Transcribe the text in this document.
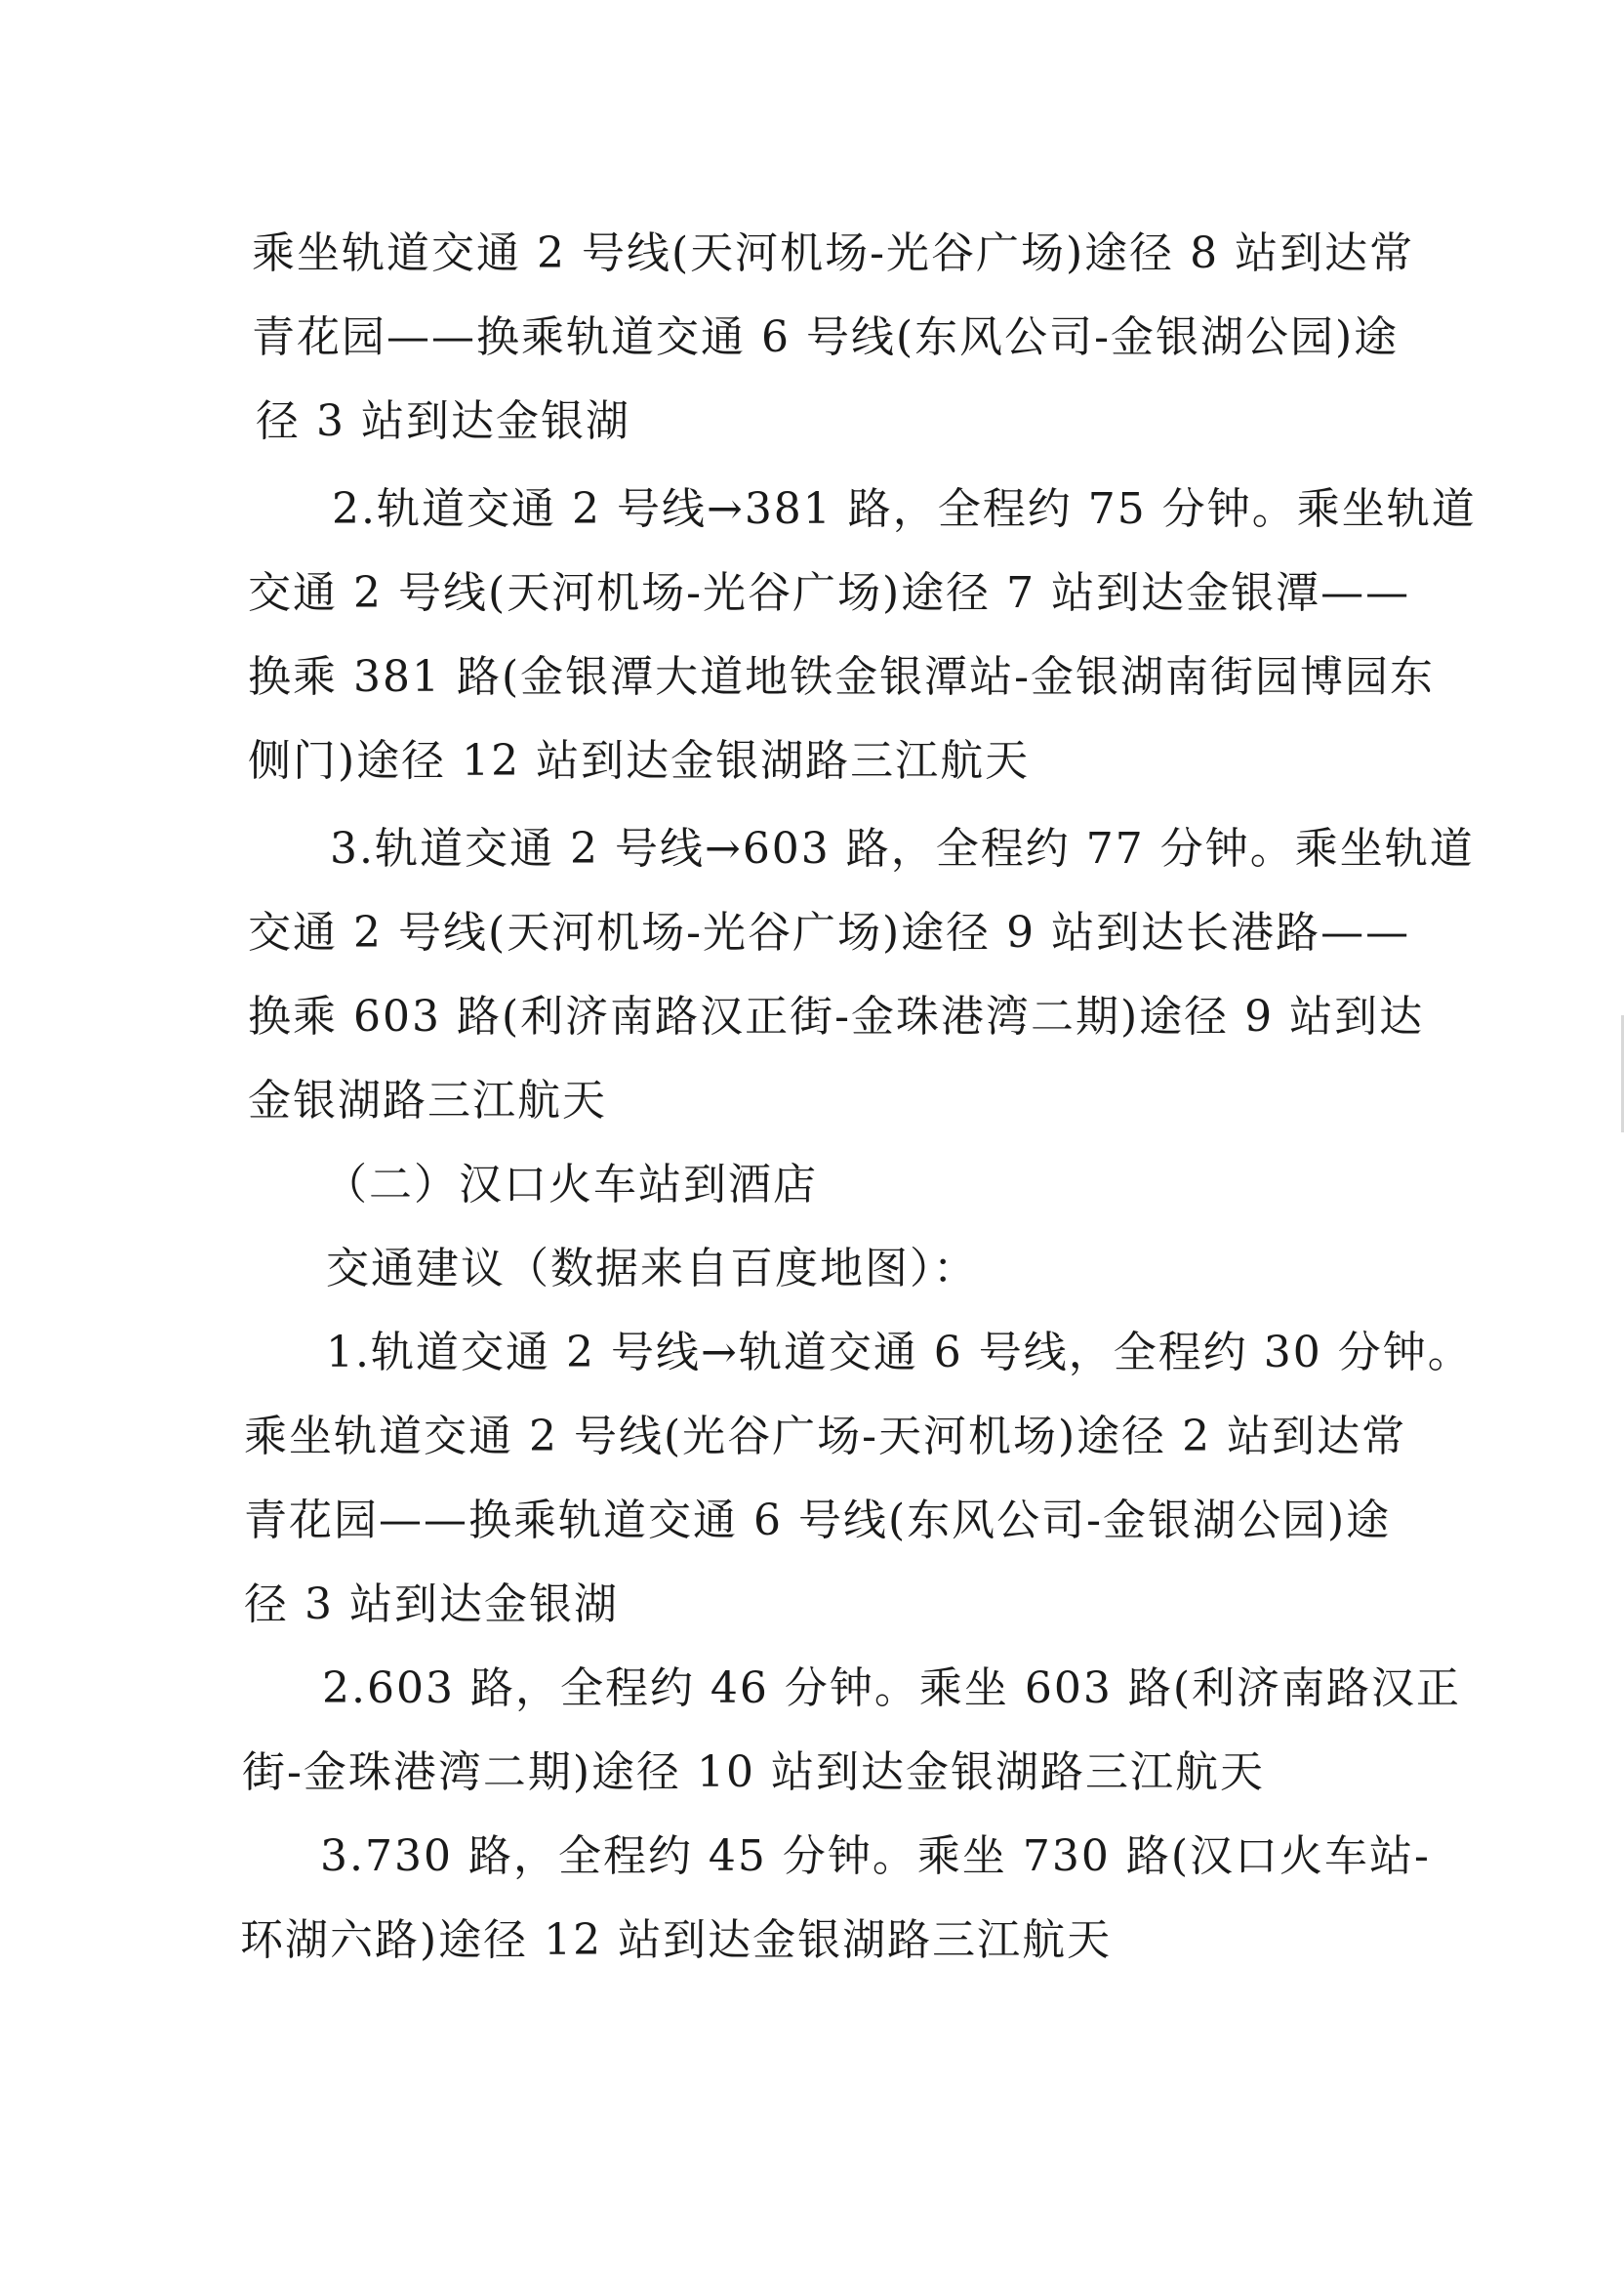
乘坐轨道交通 2 号线(天河机场-光谷广场)途径 8 站到达常
青花园——换乘轨道交通 6 号线(东风公司-金银湖公园)途
径 3 站到达金银湖
2.轨道交通 2 号线→381 路，全程约 75 分钟。乘坐轨道
交通 2 号线(天河机场-光谷广场)途径 7 站到达金银潭——
换乘 381 路(金银潭大道地铁金银潭站-金银湖南街园博园东
侧门)途径 12 站到达金银湖路三江航天
3.轨道交通 2 号线→603 路，全程约 77 分钟。乘坐轨道
交通 2 号线(天河机场-光谷广场)途径 9 站到达长港路——
换乘 603 路(利济南路汉正街-金珠港湾二期)途径 9 站到达
金银湖路三江航天
（二）汉口火车站到酒店
交通建议（数据来自百度地图）：
1.轨道交通 2 号线→轨道交通 6 号线，全程约 30 分钟。
乘坐轨道交通 2 号线(光谷广场-天河机场)途径 2 站到达常
青花园——换乘轨道交通 6 号线(东风公司-金银湖公园)途
径 3 站到达金银湖
2.603 路，全程约 46 分钟。乘坐 603 路(利济南路汉正
街-金珠港湾二期)途径 10 站到达金银湖路三江航天
3.730 路，全程约 45 分钟。乘坐 730 路(汉口火车站-
环湖六路)途径 12 站到达金银湖路三江航天
